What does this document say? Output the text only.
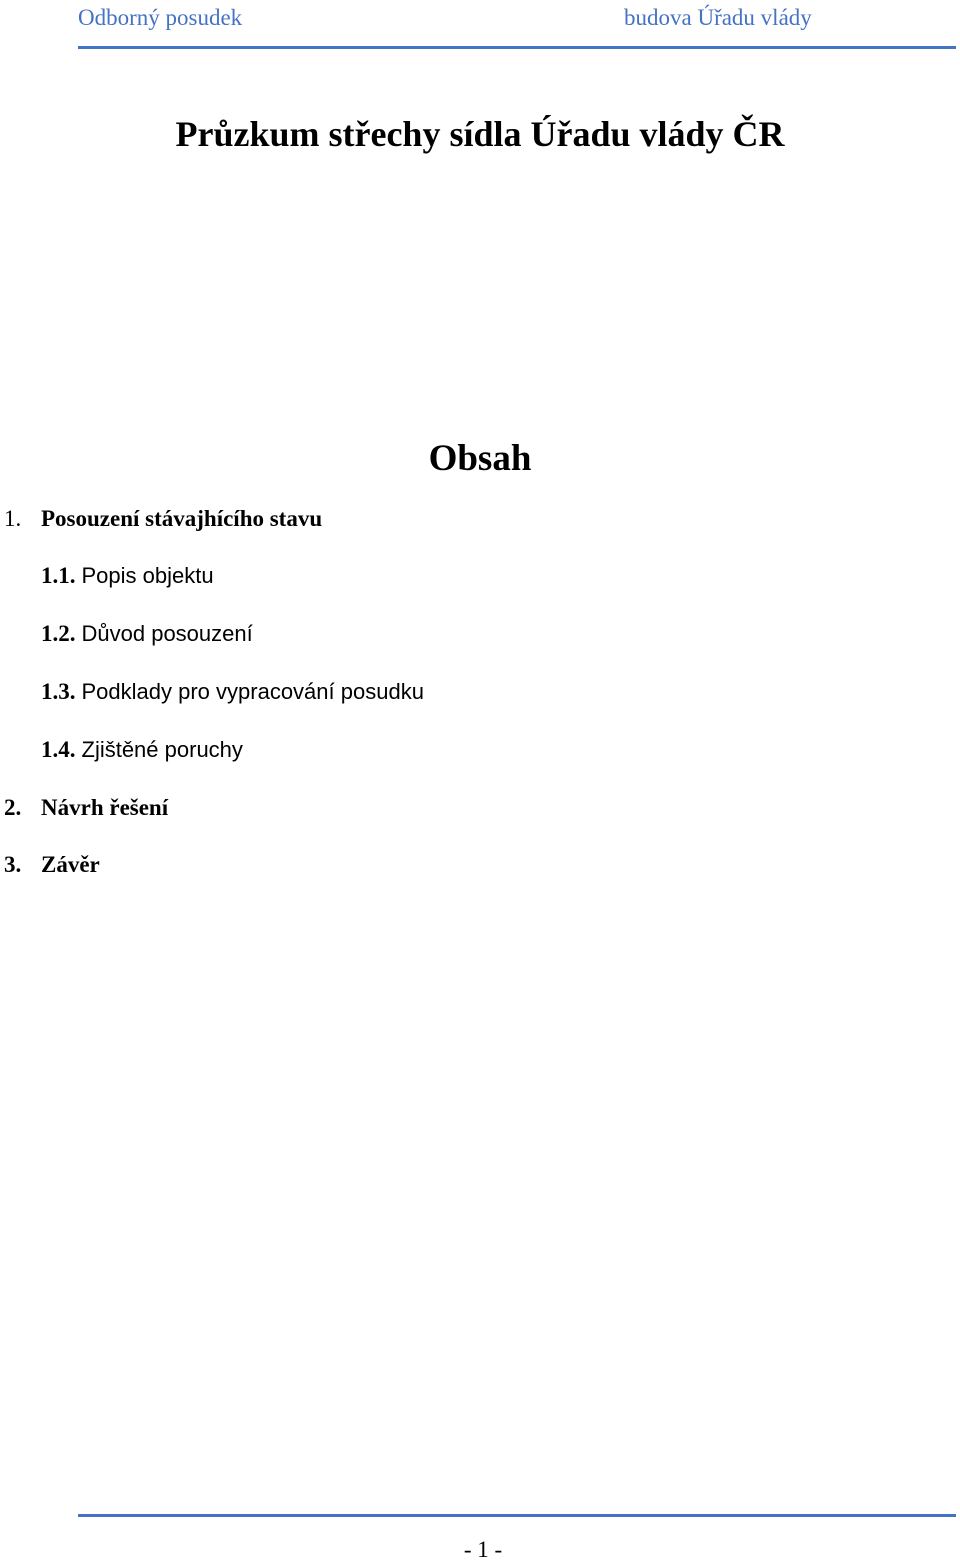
Odborný posudek	budova Úřadu vlády
Průzkum střechy sídla Úřadu vlády ČR
Obsah
1. Posouzení stávajhícího stavu
1.1. Popis objektu
1.2. Důvod posouzení
1.3. Podklady pro vypracování posudku
1.4. Zjištěné poruchy
2. Návrh řešení
3. Závěr
- 1 -
